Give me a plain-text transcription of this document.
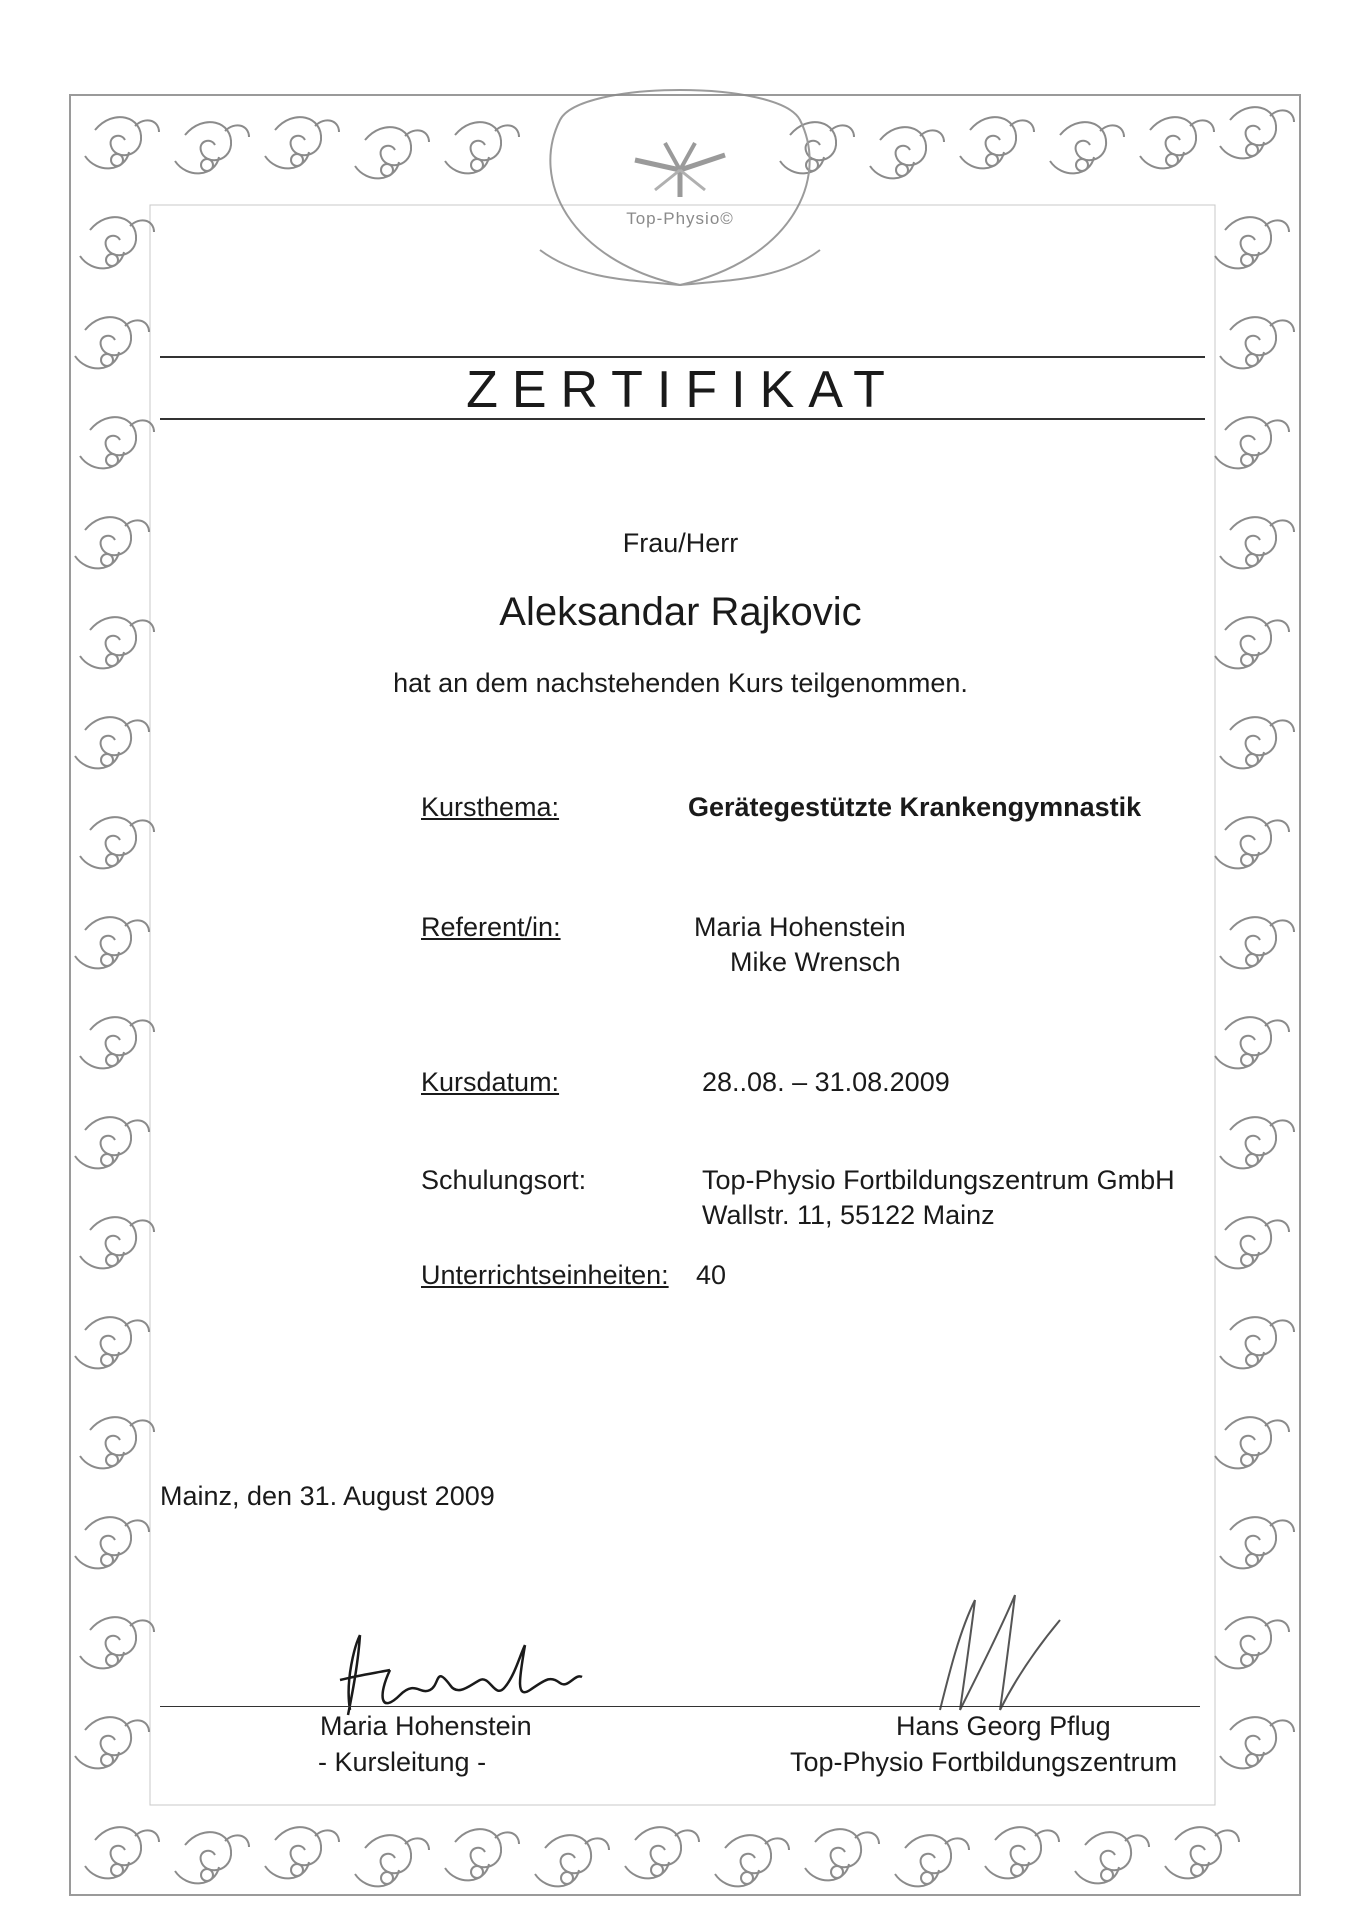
Top-Physio©
ZERTIFIKAT
Frau/Herr
Aleksandar Rajkovic
hat an dem nachstehenden Kurs teilgenommen.
Kursthema:	Gerätegestützte Krankengymnastik
Referent/in:	Maria Hohenstein
Mike Wrensch
Kursdatum:	28..08. – 31.08.2009
Schulungsort:	Top-Physio Fortbildungszentrum GmbH
Wallstr. 11, 55122 Mainz
Unterrichtseinheiten: 40
Mainz, den 31. August 2009
Maria Hohenstein
- Kursleitung -
Hans Georg Pflug
Top-Physio Fortbildungszentrum
